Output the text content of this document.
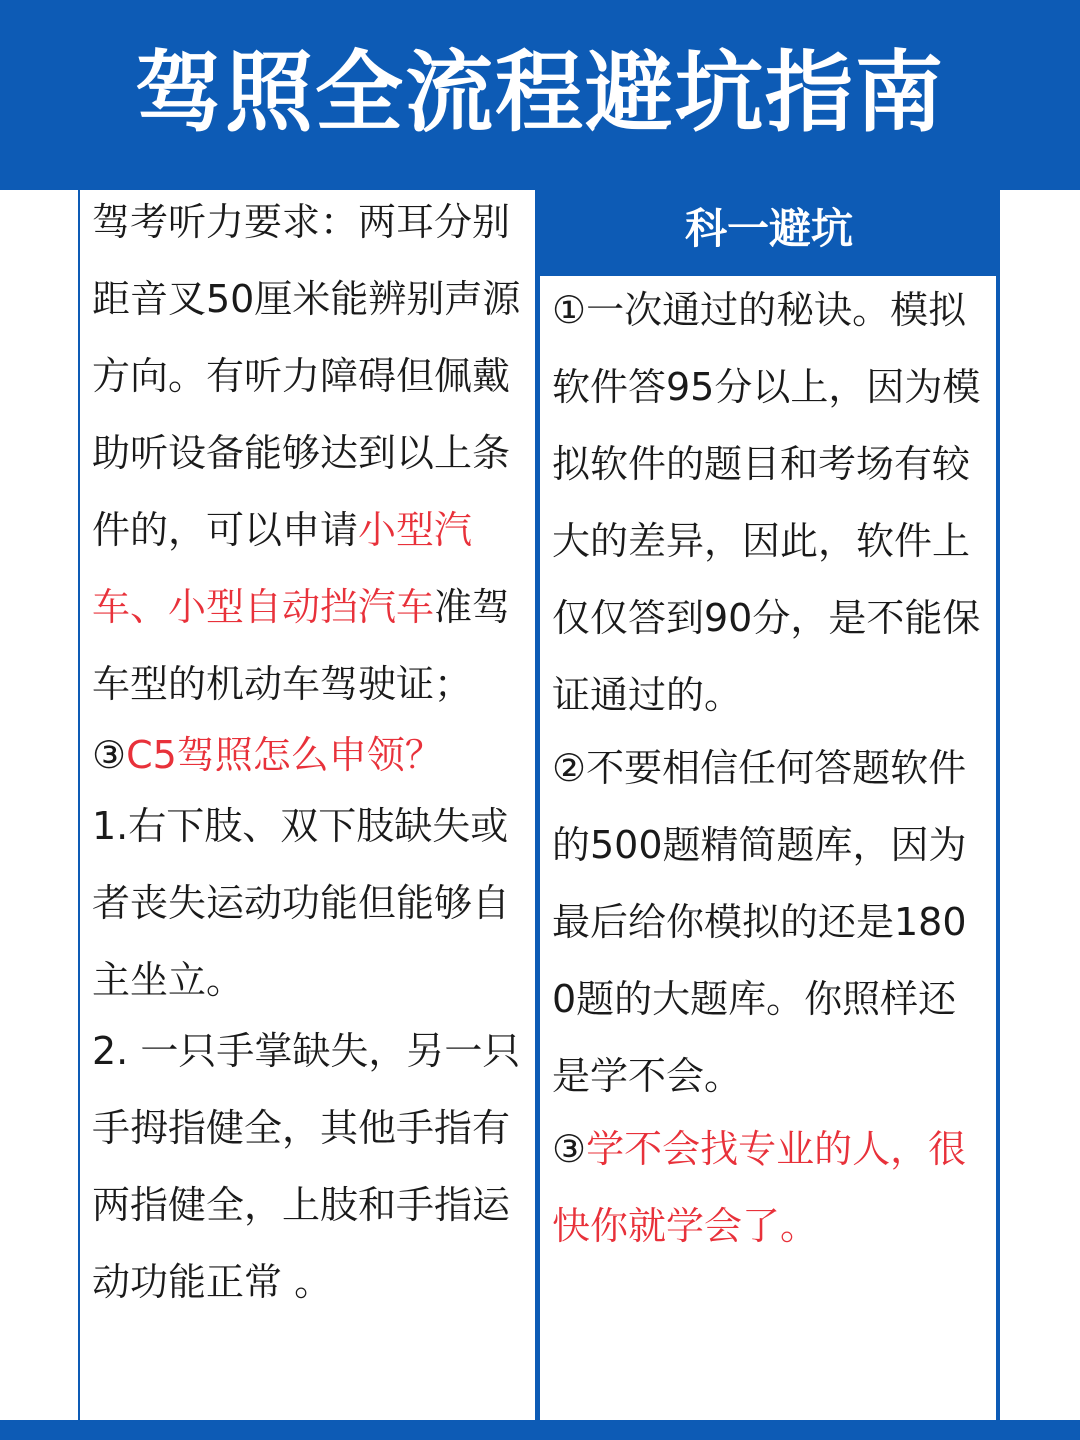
驾照全流程避坑指南

驾考听力要求：两耳分别距音叉50厘米能辨别声源方向。有听力障碍但佩戴助听设备能够达到以上条件的，可以申请小型汽车、小型自动挡汽车准驾车型的机动车驾驶证；

③C5驾照怎么申领？

1.右下肢、双下肢缺失或者丧失运动功能但能够自主坐立。

2. 一只手掌缺失，另一只手拇指健全，其他手指有两指健全，上肢和手指运动功能正常 。

科一避坑

①一次通过的秘诀。模拟软件答95分以上，因为模拟软件的题目和考场有较大的差异，因此，软件上仅仅答到90分，是不能保证通过的。

②不要相信任何答题软件的500题精简题库，因为最后给你模拟的还是1800题的大题库。你照样还是学不会。

③学不会找专业的人，很快你就学会了。
